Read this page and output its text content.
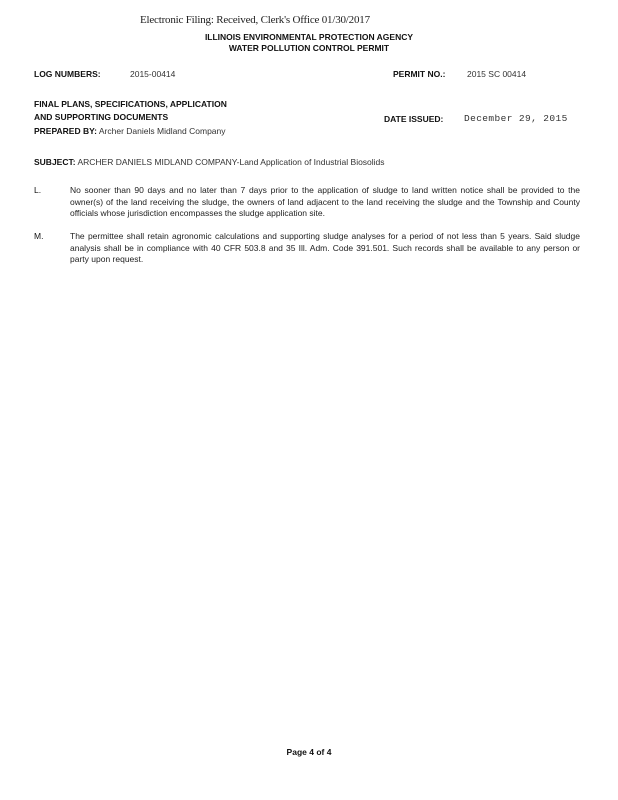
Electronic Filing: Received, Clerk's Office 01/30/2017
ILLINOIS ENVIRONMENTAL PROTECTION AGENCY
WATER POLLUTION CONTROL PERMIT
LOG NUMBERS:	2015-00414	PERMIT NO.:	2015 SC 00414
FINAL PLANS, SPECIFICATIONS, APPLICATION
AND SUPPORTING DOCUMENTS
PREPARED BY: Archer Daniels Midland Company
DATE ISSUED: December 29, 2015
SUBJECT: ARCHER DANIELS MIDLAND COMPANY-Land Application of Industrial Biosolids
L.	No sooner than 90 days and no later than 7 days prior to the application of sludge to land written notice shall be provided to the owner(s) of the land receiving the sludge, the owners of land adjacent to the land receiving the sludge and the Township and County officials whose jurisdiction encompasses the sludge application site.
M.	The permittee shall retain agronomic calculations and supporting sludge analyses for a period of not less than 5 years. Said sludge analysis shall be in compliance with 40 CFR 503.8 and 35 Ill. Adm. Code 391.501. Such records shall be available to any person or party upon request.
Page 4 of 4
